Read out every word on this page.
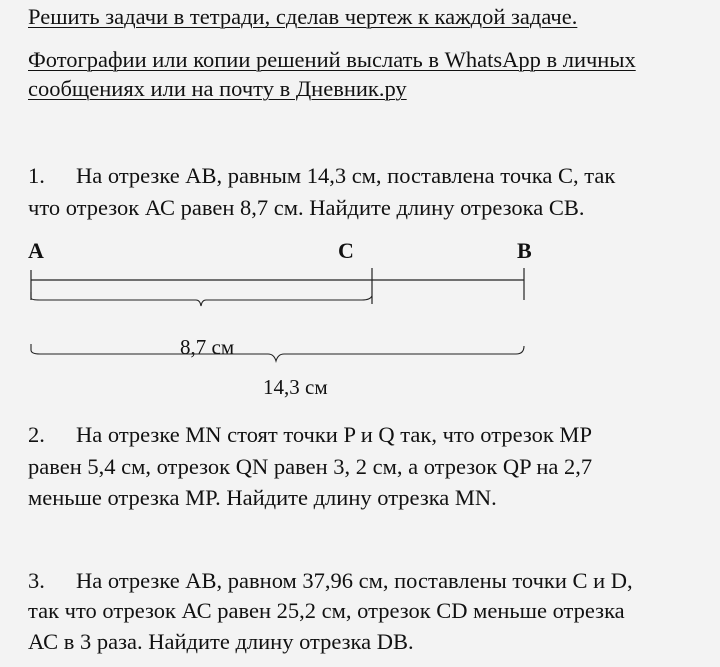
Решить задачи в тетради, сделав чертеж к каждой задаче.
Фотографии или копии решений выслать в WhatsApp в личных
сообщениях или на почту в Дневник.ру
1. На отрезке АВ, равным 14,3 см, поставлена точка С, так
что отрезок АС равен 8,7 см. Найдите длину отрезока СВ.
A	C	B
8,7 см
14,3 см
2. На отрезке MN стоят точки P и Q так, что отрезок MP
равен 5,4 см, отрезок QN равен 3, 2 см, а отрезок QP на 2,7
меньше отрезка MP. Найдите длину отрезка MN.
3. На отрезке АВ, равном 37,96 см, поставлены точки С и D,
так что отрезок АС равен 25,2 см, отрезок CD меньше отрезка
АС в 3 раза. Найдите длину отрезка DB.
